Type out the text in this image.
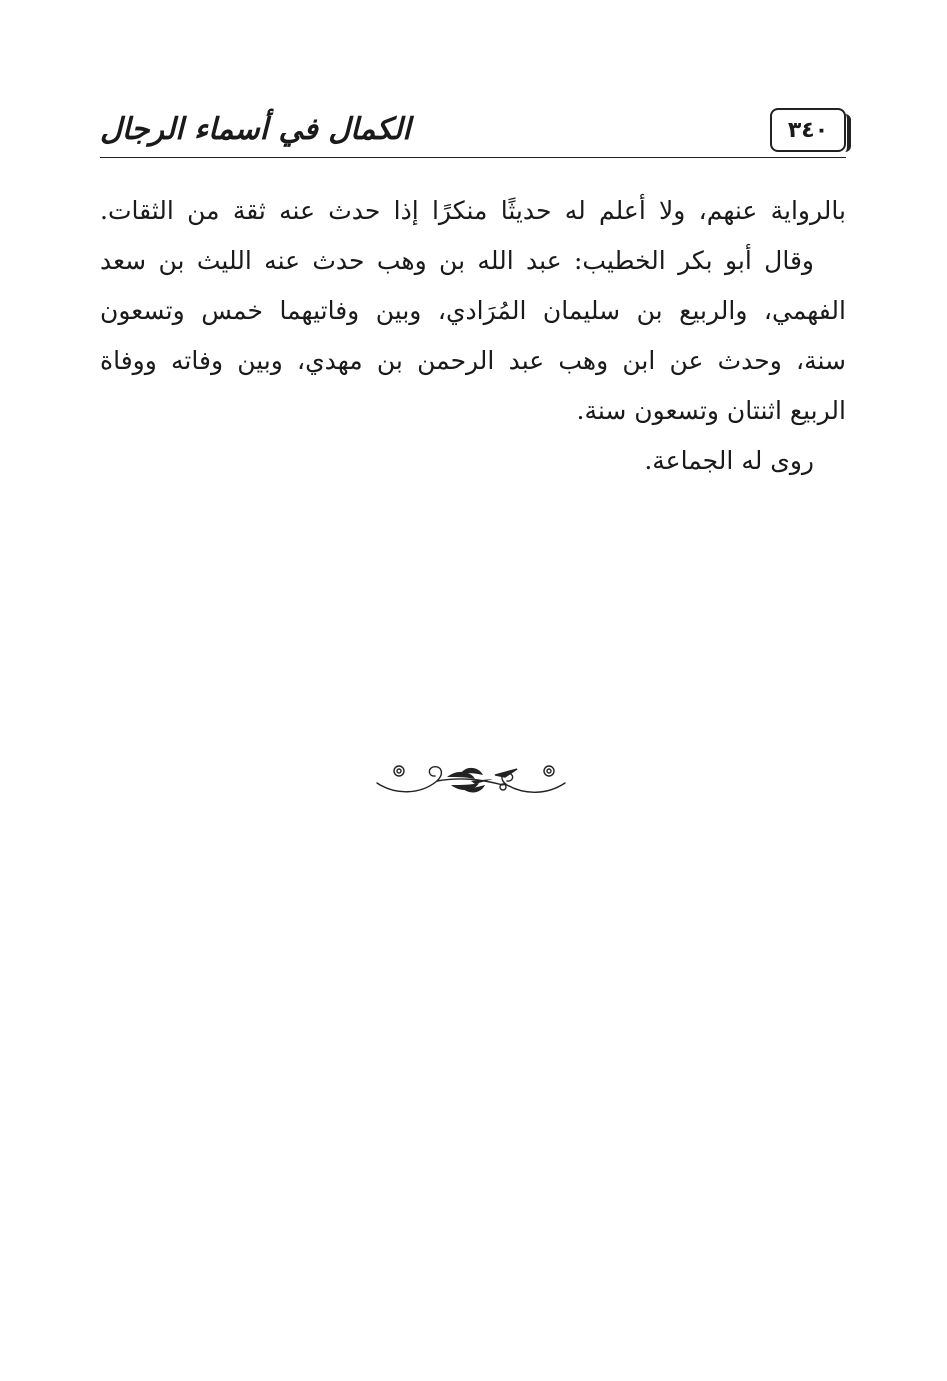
٣٤٠
الكمال في أسماء الرجال
بالرواية عنهم، ولا أعلم له حديثًا منكرًا إذا حدث عنه ثقة من الثقات.
وقال أبو بكر الخطيب: عبد الله بن وهب حدث عنه الليث بن سعد
الفهمي، والربيع بن سليمان المُرَادي، وبين وفاتيهما خمس وتسعون
سنة، وحدث عن ابن وهب عبد الرحمن بن مهدي، وبين وفاته ووفاة
الربيع اثنتان وتسعون سنة.
روى له الجماعة.
